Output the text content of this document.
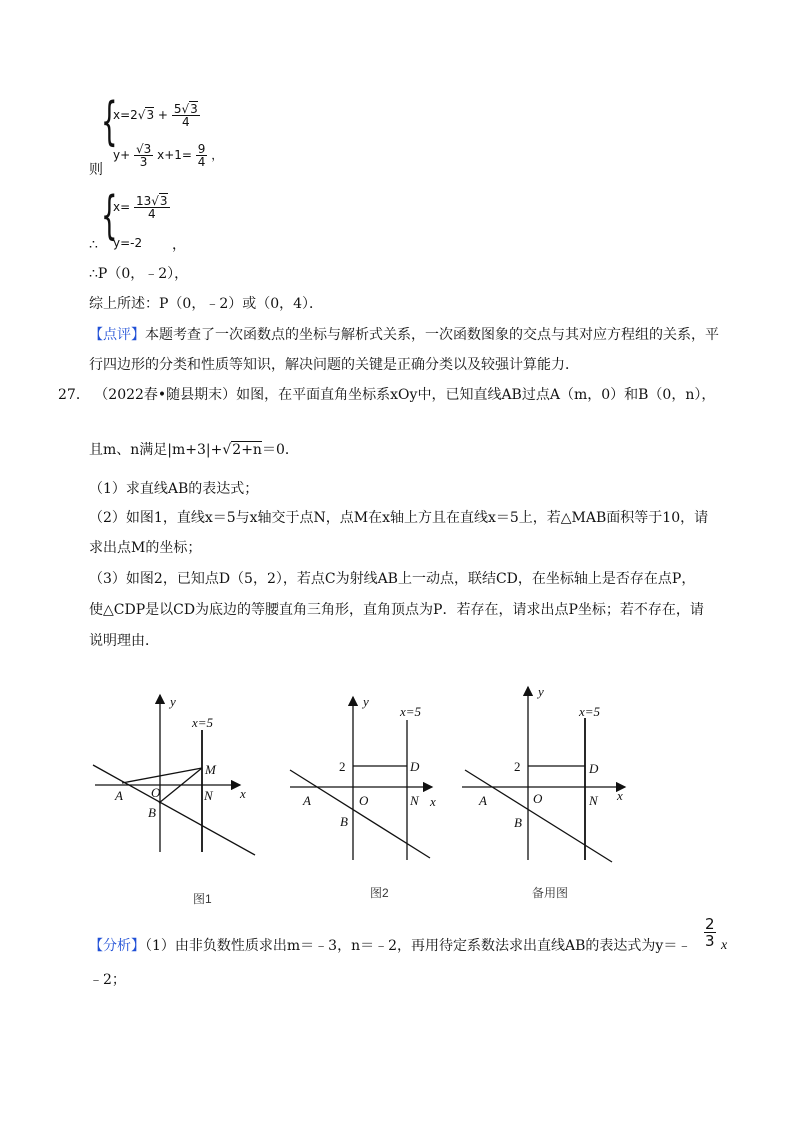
{
则
$x=2√3 + \frac{5√3}{4}$
$y+ \frac{√3}{3} x+1= \frac{9}{4}$ ，
{
∴
$x= \frac{13√3}{4}$
y=-2 ，
∴P（0，﹣2），
综上所述：P（0，﹣2）或（0，4）．
【点评】本题考查了一次函数点的坐标与解析式关系，一次函数图象的交点与其对应方程组的关系，平
行四边形的分类和性质等知识，解决问题的关键是正确分类以及较强计算能力．
27． （2022春•随县期末）如图，在平面直角坐标系xOy中，已知直线AB过点A（m，0）和B（0，n），
且m、n满足|m+3|+√2+n＝0．
（1）求直线AB的表达式；
（2）如图1，直线x＝5与x轴交于点N，点M在x轴上方且在直线x＝5上，若△MAB面积等于10，请
求出点M的坐标；
（3）如图2，已知点D（5，2），若点C为射线AB上一动点，联结CD，在坐标轴上是否存在点P，
使△CDP是以CD为底边的等腰直角三角形，直角顶点为P．若存在，请求出点P坐标；若不存在，请
说明理由．
y
x=5
M
A O	N x
B
y
x=5
2	D
A	O	N x
B
y
x=5
2	D
A	O	N x
B
图1	图2	备用图
【分析】（1）由非负数性质求出m＝﹣3，n＝﹣2，再用待定系数法求出直线AB的表达式为y＝﹣
2
3 x
﹣2；
